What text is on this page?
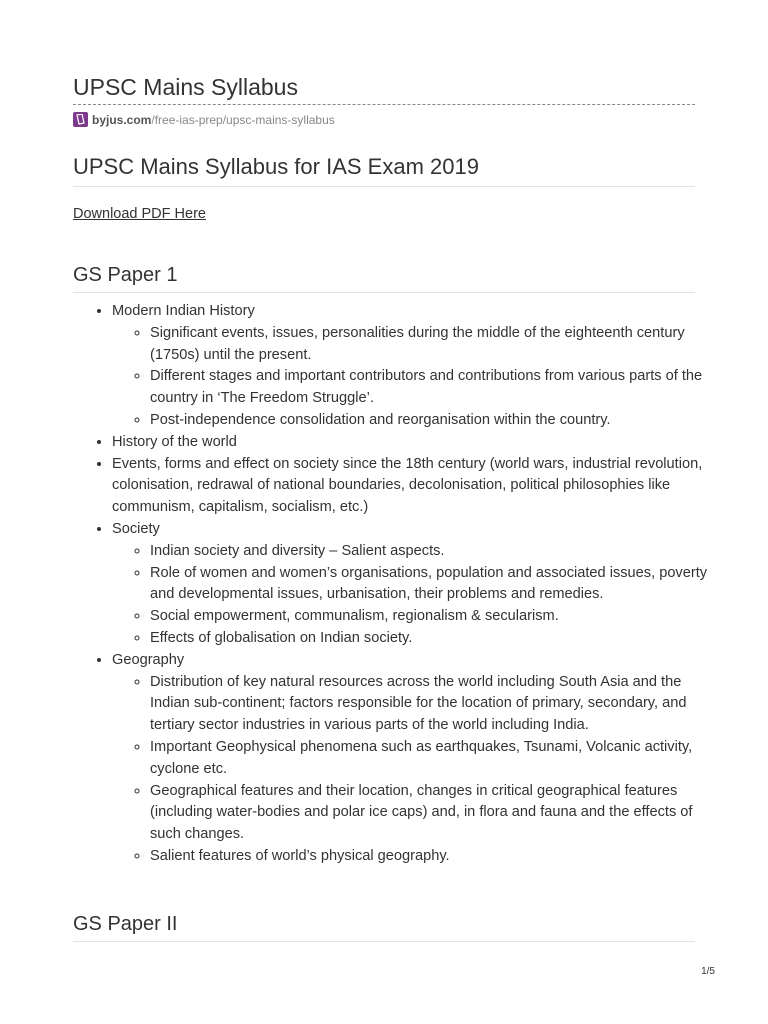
UPSC Mains Syllabus
byjus.com /free-ias-prep/upsc-mains-syllabus
UPSC Mains Syllabus for IAS Exam 2019
Download PDF Here
GS Paper 1
• Modern Indian History
◦ Significant events, issues, personalities during the middle of the eighteenth century (1750s) until the present.
◦ Different stages and important contributors and contributions from various parts of the country in ‘The Freedom Struggle’.
◦ Post-independence consolidation and reorganisation within the country.
• History of the world
• Events, forms and effect on society since the 18th century (world wars, industrial revolution, colonisation, redrawal of national boundaries, decolonisation, political philosophies like communism, capitalism, socialism, etc.)
• Society
◦ Indian society and diversity – Salient aspects.
◦ Role of women and women’s organisations, population and associated issues, poverty and developmental issues, urbanisation, their problems and remedies.
◦ Social empowerment, communalism, regionalism & secularism.
◦ Effects of globalisation on Indian society.
• Geography
◦ Distribution of key natural resources across the world including South Asia and the Indian sub-continent; factors responsible for the location of primary, secondary, and tertiary sector industries in various parts of the world including India.
◦ Important Geophysical phenomena such as earthquakes, Tsunami, Volcanic activity, cyclone etc.
◦ Geographical features and their location, changes in critical geographical features (including water-bodies and polar ice caps) and, in flora and fauna and the effects of such changes.
◦ Salient features of world’s physical geography.
GS Paper II
1/5
